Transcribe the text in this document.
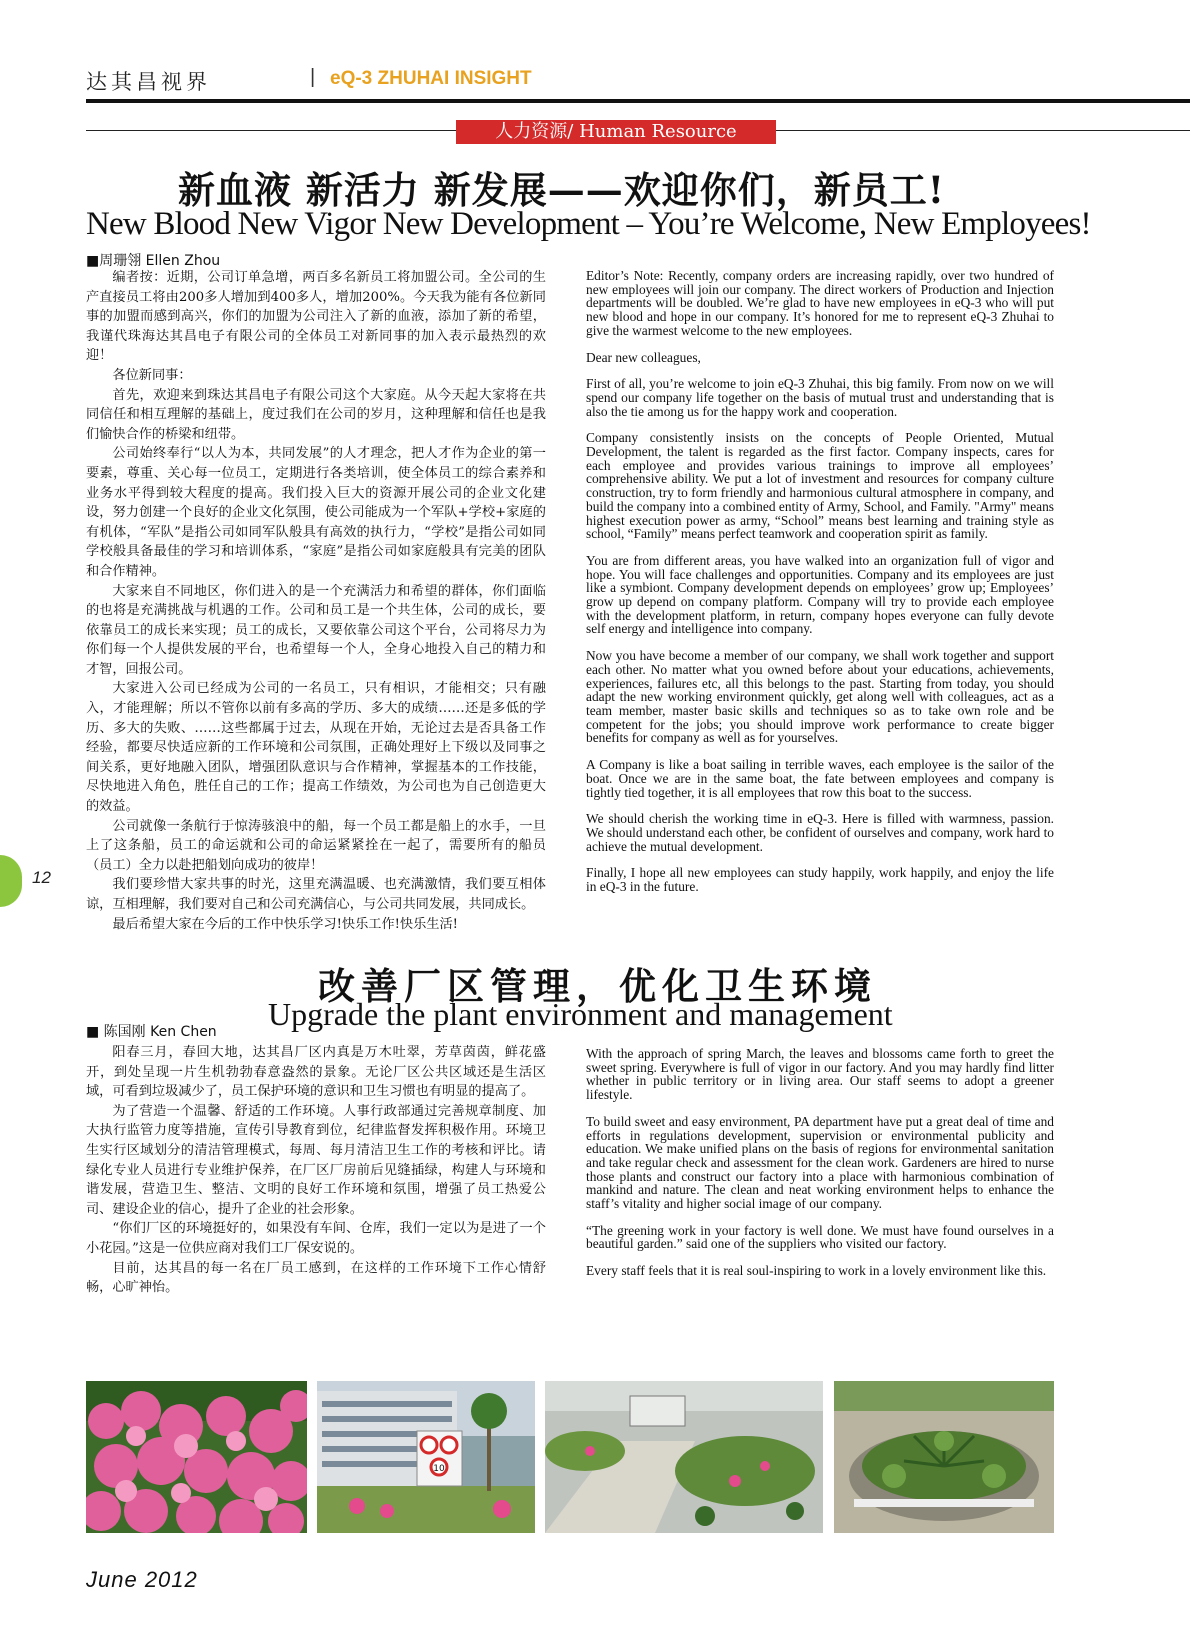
达其昌视界	| eQ-3 ZHUHAI INSIGHT
人力资源/ Human Resource
新血液 新活力 新发展——欢迎你们，新员工!
New Blood New Vigor New Development – You’re Welcome, New Employees!
■周珊翎 Ellen Zhou

编者按：近期，公司订单急增，两百多名新员工将加盟公司。全公司的生产直接员工将由200多人增加到400多人，增加200%。今天我为能有各位新同事的加盟而感到高兴，你们的加盟为公司注入了新的血液，添加了新的希望，我谨代珠海达其昌电子有限公司的全体员工对新同事的加入表示最热烈的欢迎！

各位新同事：

首先，欢迎来到珠达其昌电子有限公司这个大家庭。从今天起大家将在共同信任和相互理解的基础上，度过我们在公司的岁月，这种理解和信任也是我们愉快合作的桥梁和纽带。

公司始终奉行“以人为本，共同发展”的人才理念，把人才作为企业的第一要素，尊重、关心每一位员工，定期进行各类培训，使全体员工的综合素养和业务水平得到较大程度的提高。我们投入巨大的资源开展公司的企业文化建设，努力创建一个良好的企业文化氛围，使公司能成为一个军队+学校+家庭的有机体，“军队”是指公司如同军队般具有高效的执行力，“学校”是指公司如同学校般具备最佳的学习和培训体系，“家庭”是指公司如家庭般具有完美的团队和合作精神。

大家来自不同地区，你们进入的是一个充满活力和希望的群体，你们面临的也将是充满挑战与机遇的工作。公司和员工是一个共生体，公司的成长，要依靠员工的成长来实现；员工的成长，又要依靠公司这个平台，公司将尽力为你们每一个人提供发展的平台，也希望每一个人，全身心地投入自己的精力和才智，回报公司。

大家进入公司已经成为公司的一名员工，只有相识，才能相交；只有融入，才能理解；所以不管你以前有多高的学历、多大的成绩……还是多低的学历、多大的失败、……这些都属于过去，从现在开始，无论过去是否具备工作经验，都要尽快适应新的工作环境和公司氛围，正确处理好上下级以及同事之间关系，更好地融入团队，增强团队意识与合作精神，掌握基本的工作技能，尽快地进入角色，胜任自己的工作；提高工作绩效，为公司也为自己创造更大的效益。

公司就像一条航行于惊涛骇浪中的船，每一个员工都是船上的水手，一旦上了这条船，员工的命运就和公司的命运紧紧拴在一起了，需要所有的船员（员工）全力以赴把船划向成功的彼岸！

我们要珍惜大家共事的时光，这里充满温暖、也充满激情，我们要互相体谅，互相理解，我们要对自己和公司充满信心，与公司共同发展，共同成长。

最后希望大家在今后的工作中快乐学习!快乐工作!快乐生活!

Editor’s Note: Recently, company orders are increasing rapidly, over two hundred of new employees will join our company. The direct workers of Production and Injection departments will be doubled. We’re glad to have new employees in eQ-3 who will put new blood and hope in our company. It’s honored for me to represent eQ-3 Zhuhai to give the warmest welcome to the new employees.

Dear new colleagues,

First of all, you’re welcome to join eQ-3 Zhuhai, this big family. From now on we will spend our company life together on the basis of mutual trust and understanding that is also the tie among us for the happy work and cooperation.

Company consistently insists on the concepts of People Oriented, Mutual Development, the talent is regarded as the first factor. Company inspects, cares for each employee and provides various trainings to improve all employees’ comprehensive ability. We put a lot of investment and resources for company culture construction, try to form friendly and harmonious cultural atmosphere in company, and build the company into a combined entity of Army, School, and Family. "Army" means highest execution power as army, “School” means best learning and training style as school, “Family” means perfect teamwork and cooperation spirit as family.

You are from different areas, you have walked into an organization full of vigor and hope. You will face challenges and opportunities. Company and its employees are just like a symbiont. Company development depends on employees’ grow up; Employees’ grow up depend on company platform. Company will try to provide each employee with the development platform, in return, company hopes everyone can fully devote self energy and intelligence into company.

Now you have become a member of our company, we shall work together and support each other. No matter what you owned before about your educations, achievements, experiences, failures etc, all this belongs to the past. Starting from today, you should adapt the new working environment quickly, get along well with colleagues, act as a team member, master basic skills and techniques so as to take own role and be competent for the jobs; you should improve work performance to create bigger benefits for company as well as for yourselves.

A Company is like a boat sailing in terrible waves, each employee is the sailor of the boat. Once we are in the same boat, the fate between employees and company is tightly tied together, it is all employees that row this boat to the success.

We should cherish the working time in eQ-3. Here is filled with warmness, passion. We should understand each other, be confident of ourselves and company, work hard to achieve the mutual development.

Finally, I hope all new employees can study happily, work happily, and enjoy the life in eQ-3 in the future.

12
改善厂区管理，优化卫生环境
Upgrade the plant environment and management
■ 陈国刚 Ken Chen

阳春三月，春回大地，达其昌厂区内真是万木吐翠，芳草茵茵，鲜花盛开，到处呈现一片生机勃勃春意盎然的景象。无论厂区公共区域还是生活区域，可看到垃圾减少了，员工保护环境的意识和卫生习惯也有明显的提高了。

为了营造一个温馨、舒适的工作环境。人事行政部通过完善规章制度、加大执行监管力度等措施，宣传引导教育到位，纪律监督发挥积极作用。环境卫生实行区域划分的清洁管理模式，每周、每月清洁卫生工作的考核和评比。请绿化专业人员进行专业维护保养，在厂区厂房前后见缝插绿，构建人与环境和谐发展，营造卫生、整洁、文明的良好工作环境和氛围，增强了员工热爱公司、建设企业的信心，提升了企业的社会形象。

“你们厂区的环境挺好的，如果没有车间、仓库，我们一定以为是进了一个小花园。”这是一位供应商对我们工厂保安说的。

目前，达其昌的每一名在厂员工感到，在这样的工作环境下工作心情舒畅，心旷神怡。

With the approach of spring March, the leaves and blossoms came forth to greet the sweet spring. Everywhere is full of vigor in our factory. And you may hardly find litter whether in public territory or in living area. Our staff seems to adopt a greener lifestyle.

To build sweet and easy environment, PA department have put a great deal of time and efforts in regulations development, supervision or environmental publicity and education. We make unified plans on the basis of regions for environmental sanitation and take regular check and assessment for the clean work. Gardeners are hired to nurse those plants and construct our factory into a place with harmonious combination of mankind and nature. The clean and neat working environment helps to enhance the staff’s vitality and higher social image of our company.

“The greening work in your factory is well done. We must have found ourselves in a beautiful garden.” said one of the suppliers who visited our factory.

Every staff feels that it is real soul-inspiring to work in a lovely environment like this.

10
June 2012
